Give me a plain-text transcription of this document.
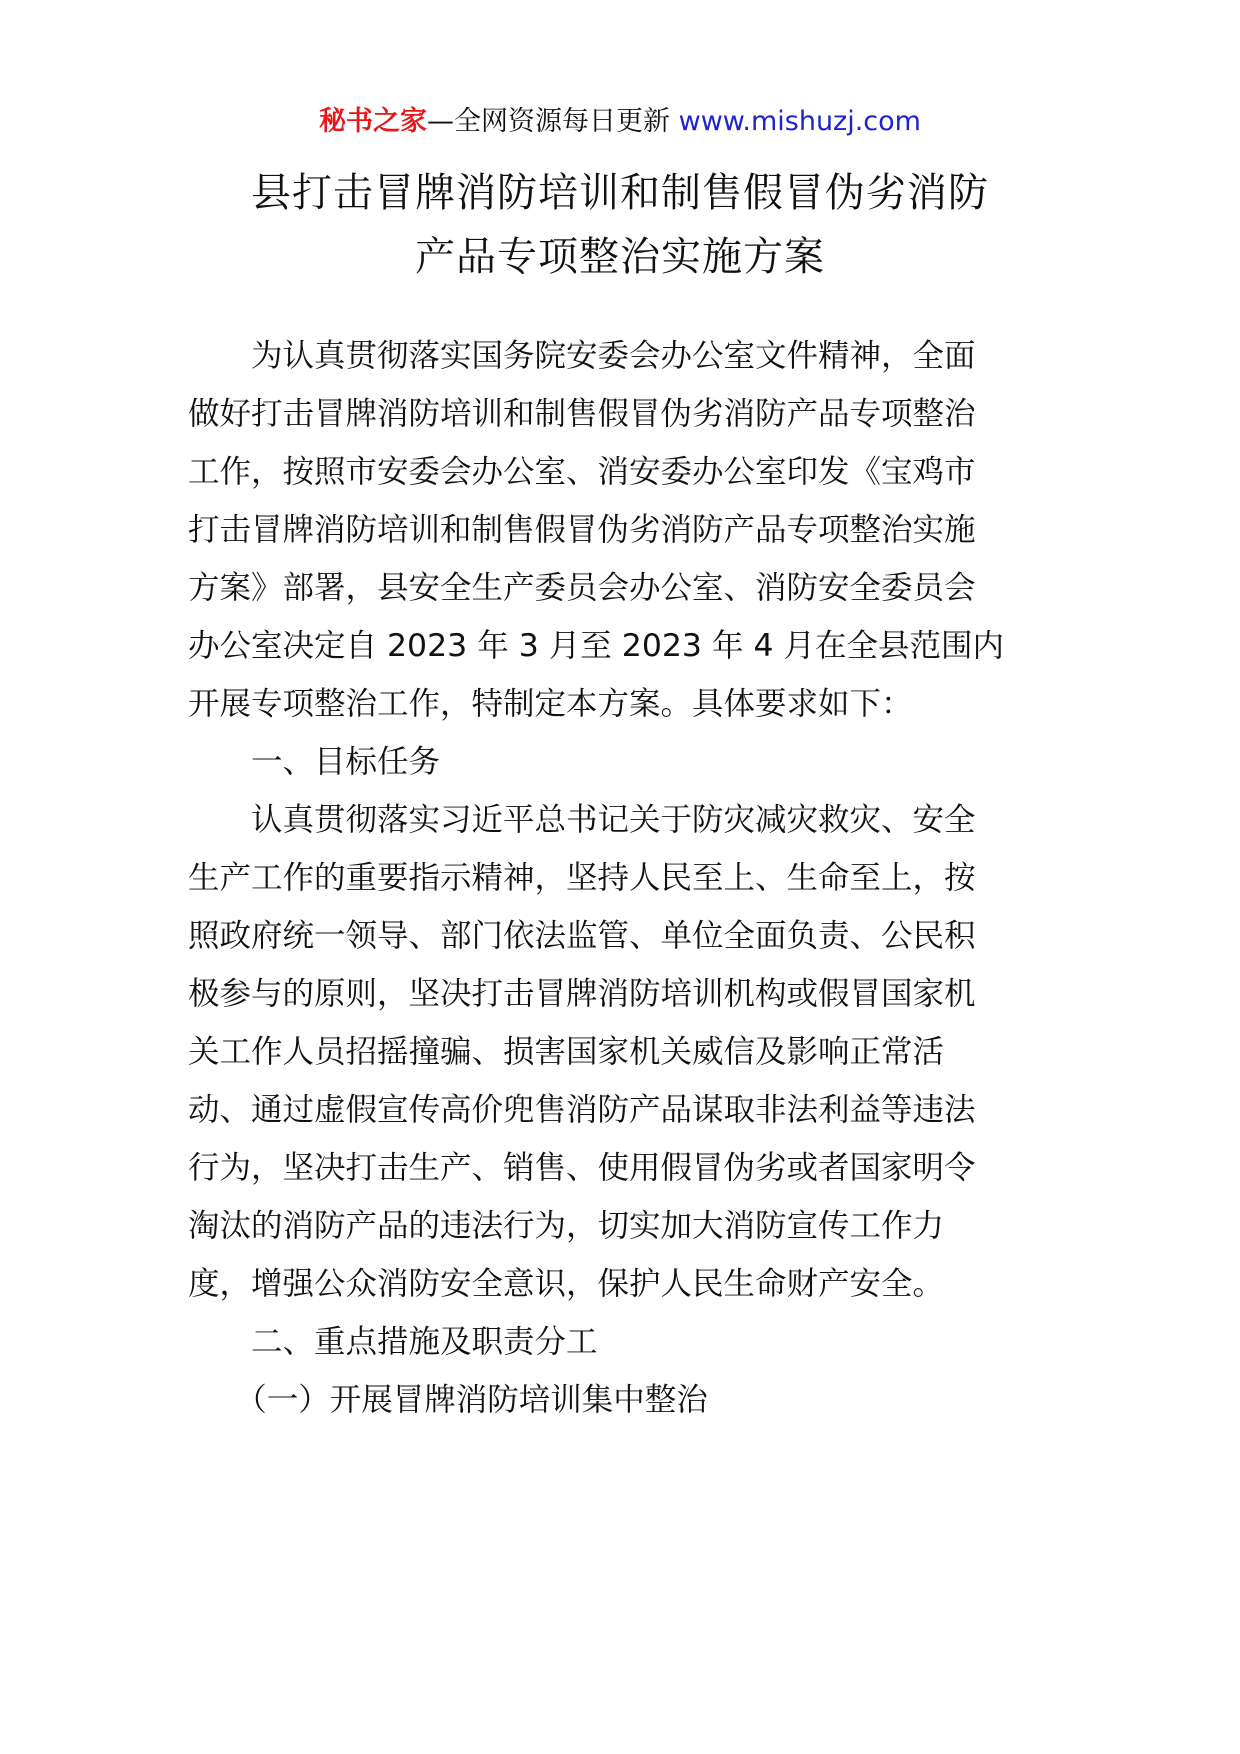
秘书之家—全网资源每日更新 www.mishuzj.com
县打击冒牌消防培训和制售假冒伪劣消防
产品专项整治实施方案
　　为认真贯彻落实国务院安委会办公室文件精神，全面
做好打击冒牌消防培训和制售假冒伪劣消防产品专项整治
工作，按照市安委会办公室、消安委办公室印发《宝鸡市
打击冒牌消防培训和制售假冒伪劣消防产品专项整治实施
方案》部署，县安全生产委员会办公室、消防安全委员会
办公室决定自 2023 年 3 月至 2023 年 4 月在全县范围内
开展专项整治工作，特制定本方案。具体要求如下：
　　一、目标任务
　　认真贯彻落实习近平总书记关于防灾减灾救灾、安全
生产工作的重要指示精神，坚持人民至上、生命至上，按
照政府统一领导、部门依法监管、单位全面负责、公民积
极参与的原则，坚决打击冒牌消防培训机构或假冒国家机
关工作人员招摇撞骗、损害国家机关威信及影响正常活
动、通过虚假宣传高价兜售消防产品谋取非法利益等违法
行为，坚决打击生产、销售、使用假冒伪劣或者国家明令
淘汰的消防产品的违法行为，切实加大消防宣传工作力
度，增强公众消防安全意识，保护人民生命财产安全。
　　二、重点措施及职责分工
　　（一）开展冒牌消防培训集中整治
